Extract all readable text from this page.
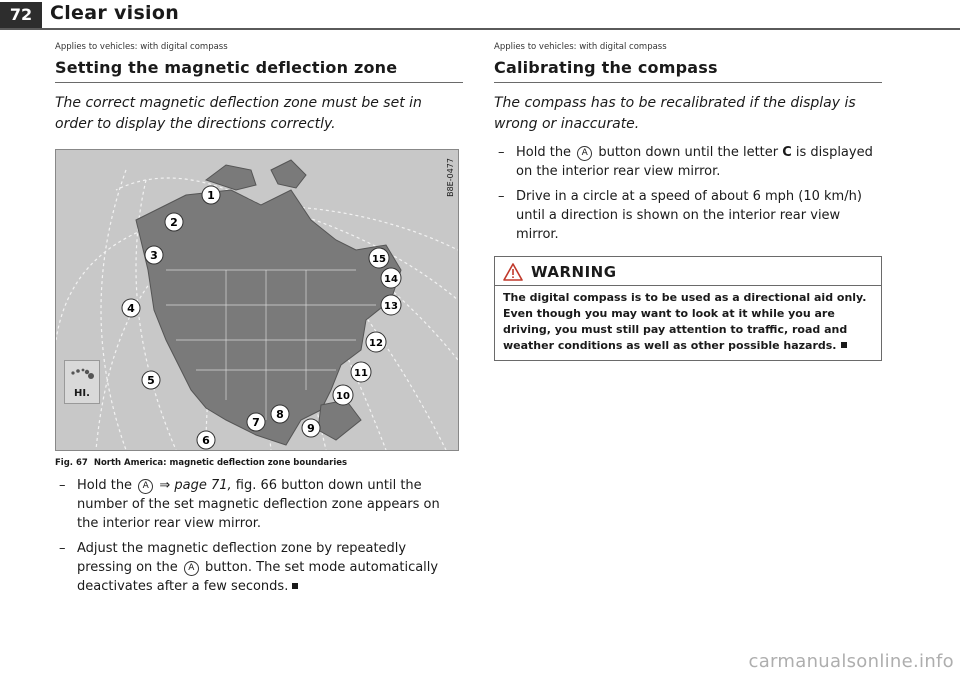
72 Clear vision

Applies to vehicles: with digital compass

Setting the magnetic deflection zone

The correct magnetic deflection zone must be set in order to display the directions correctly.

1
2
3
4
5
6
7
8
9
10
11
12
13
14
15
B8E-0477
HI.

Fig. 67 North America: magnetic deflection zone boundaries

– Hold the A ⇒ page 71, fig. 66 button down until the number of the set magnetic deflection zone appears on the interior rear view mirror.
– Adjust the magnetic deflection zone by repeatedly pressing on the A button. The set mode automatically deactivates after a few seconds.

Applies to vehicles: with digital compass

Calibrating the compass

The compass has to be recalibrated if the display is wrong or inaccurate.

– Hold the A button down until the letter C is displayed on the interior rear view mirror.
– Drive in a circle at a speed of about 6 mph (10 km/h) until a direction is shown on the interior rear view mirror.
WARNING
The digital compass is to be used as a directional aid only. Even though you may want to look at it while you are driving, you must still pay attention to traffic, road and weather conditions as well as other possible hazards.
carmanualsonline.info
